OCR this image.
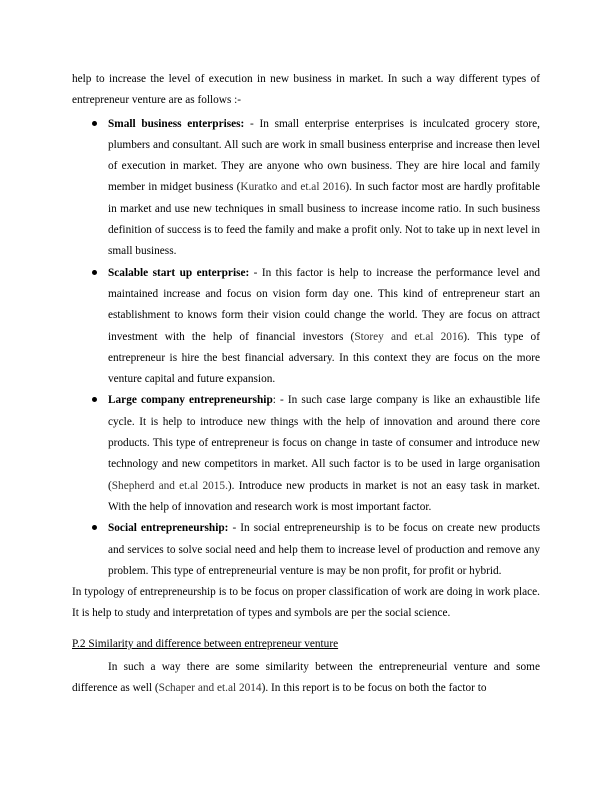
help to increase the level of execution in new business in market. In such a way different types of entrepreneur venture are as follows :-

Small business enterprises: - In small enterprise enterprises is inculcated grocery store, plumbers and consultant. All such are work in small business enterprise and increase then level of execution in market. They are anyone who own business. They are hire local and family member in midget business (Kuratko and et.al 2016). In such factor most are hardly profitable in market and use new techniques in small business to increase income ratio. In such business definition of success is to feed the family and make a profit only. Not to take up in next level in small business.

Scalable start up enterprise: - In this factor is help to increase the performance level and maintained increase and focus on vision form day one. This kind of entrepreneur start an establishment to knows form their vision could change the world. They are focus on attract investment with the help of financial investors (Storey and et.al 2016). This type of entrepreneur is hire the best financial adversary. In this context they are focus on the more venture capital and future expansion.

Large company entrepreneurship: - In such case large company is like an exhaustible life cycle. It is help to introduce new things with the help of innovation and around there core products. This type of entrepreneur is focus on change in taste of consumer and introduce new technology and new competitors in market. All such factor is to be used in large organisation (Shepherd and et.al 2015.). Introduce new products in market is not an easy task in market. With the help of innovation and research work is most important factor.

Social entrepreneurship: - In social entrepreneurship is to be focus on create new products and services to solve social need and help them to increase level of production and remove any problem. This type of entrepreneurial venture is may be non profit, for profit or hybrid.

In typology of entrepreneurship is to be focus on proper classification of work are doing in work place. It is help to study and interpretation of types and symbols are per the social science.

P.2 Similarity and difference between entrepreneur venture

In such a way there are some similarity between the entrepreneurial venture and some difference as well (Schaper and et.al 2014). In this report is to be focus on both the factor to
